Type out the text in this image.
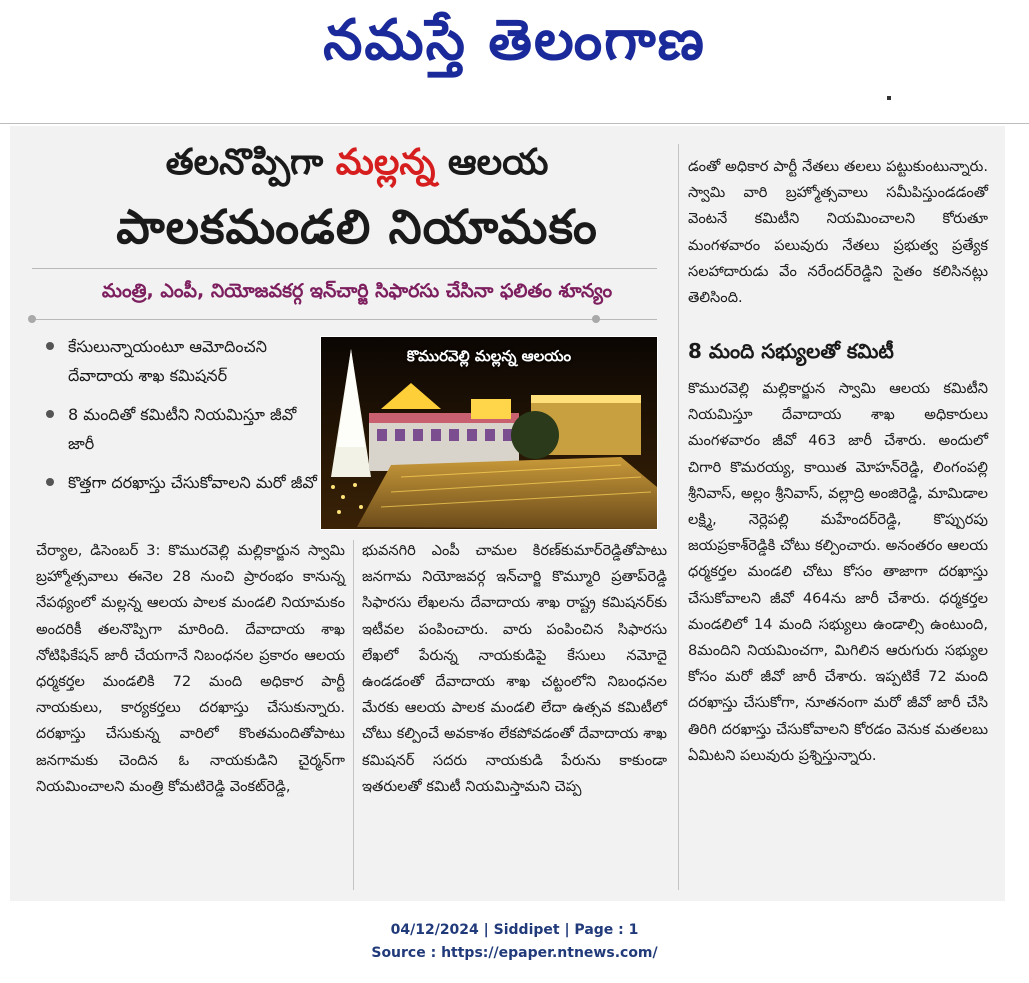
నమస్తే తెలంగాణ
తలనొప్పిగా మల్లన్న ఆలయ
పాలకమండలి నియామకం
మంత్రి, ఎంపీ, నియోజవకర్గ ఇన్‌చార్జి సిఫారసు చేసినా ఫలితం శూన్యం
కేసులున్నాయంటూ ఆమోదించని దేవాదాయ శాఖ కమిషనర్
8 మందితో కమిటీని నియమిస్తూ జీవో జారీ
కొత్తగా దరఖాస్తు చేసుకోవాలని మరో జీవో
కొమురవెల్లి మల్లన్న ఆలయం

చేర్యాల, డిసెంబర్ 3: కొమురవెల్లి మల్లికార్జున స్వామి బ్రహ్మోత్సవాలు ఈనెల 28 నుంచి ప్రారంభం కానున్న నేపథ్యంలో మల్లన్న ఆలయ పాలక మండలి నియామకం అందరికీ తలనొప్పిగా మారింది. దేవాదాయ శాఖ నోటిఫికేషన్ జారీ చేయగానే నిబంధనల ప్రకారం ఆలయ ధర్మకర్తల మండలికి 72 మంది అధికార పార్టీ నాయకులు, కార్యకర్తలు దరఖాస్తు చేసుకున్నారు. దరఖాస్తు చేసుకున్న వారిలో కొంతమందితోపాటు జనగామకు చెందిన ఓ నాయకుడిని చైర్మన్‌గా నియమించాలని మంత్రి కోమటిరెడ్డి వెంకట్‌రెడ్డి,

భువనగిరి ఎంపీ చామల కిరణ్‌కుమార్‌రెడ్డితోపాటు జనగామ నియోజవర్గ ఇన్‌చార్జి కొమ్మూరి ప్రతాప్‌రెడ్డి సిఫారసు లేఖలను దేవాదాయ శాఖ రాష్ట్ర కమిషనర్‌కు ఇటీవల పంపించారు. వారు పంపించిన సిఫారసు లేఖలో పేరున్న నాయకుడిపై కేసులు నమోదై ఉండడంతో దేవాదాయ శాఖ చట్టంలోని నిబంధనల మేరకు ఆలయ పాలక మండలి లేదా ఉత్సవ కమిటీలో చోటు కల్పించే అవకాశం లేకపోవడంతో దేవాదాయ శాఖ కమిషనర్ సదరు నాయకుడి పేరును కాకుండా ఇతరులతో కమిటీ నియమిస్తామని చెప్ప

డంతో అధికార పార్టీ నేతలు తలలు పట్టుకుంటున్నారు. స్వామి వారి బ్రహ్మోత్సవాలు సమీపిస్తుండడంతో వెంటనే కమిటీని నియమించాలని కోరుతూ మంగళవారం పలువురు నేతలు ప్రభుత్వ ప్రత్యేక సలహాదారుడు వేం నరేందర్‌రెడ్డిని సైతం కలిసినట్లు తెలిసింది.

8 మంది సభ్యులతో కమిటీ

కొమురవెల్లి మల్లికార్జున స్వామి ఆలయ కమిటీని నియమిస్తూ దేవాదాయ శాఖ అధికారులు మంగళవారం జీవో 463 జారీ చేశారు. అందులో చిగారి కొమరయ్య, కాయిత మోహన్‌రెడ్డి, లింగంపల్లి శ్రీనివాస్, అల్లం శ్రీనివాస్, వల్లాద్రి అంజిరెడ్డి, మామిడాల లక్ష్మి, నెర్లెపల్లి మహేందర్‌రెడ్డి, కొప్పురపు జయప్రకాశ్‌రెడ్డికి చోటు కల్పించారు. అనంతరం ఆలయ ధర్మకర్తల మండలి చోటు కోసం తాజాగా దరఖాస్తు చేసుకోవాలని జీవో 464ను జారీ చేశారు. ధర్మకర్తల మండలిలో 14 మంది సభ్యులు ఉండాల్సి ఉంటుంది, 8మందిని నియమించగా, మిగిలిన ఆరుగురు సభ్యుల కోసం మరో జీవో జారీ చేశారు. ఇప్పటికే 72 మంది దరఖాస్తు చేసుకోగా, నూతనంగా మరో జీవో జారీ చేసి తిరిగి దరఖాస్తు చేసుకోవాలని కోరడం వెనుక మతలబు ఏమిటని పలువురు ప్రశ్నిస్తున్నారు.

04/12/2024 | Siddipet | Page : 1
Source : https://epaper.ntnews.com/
